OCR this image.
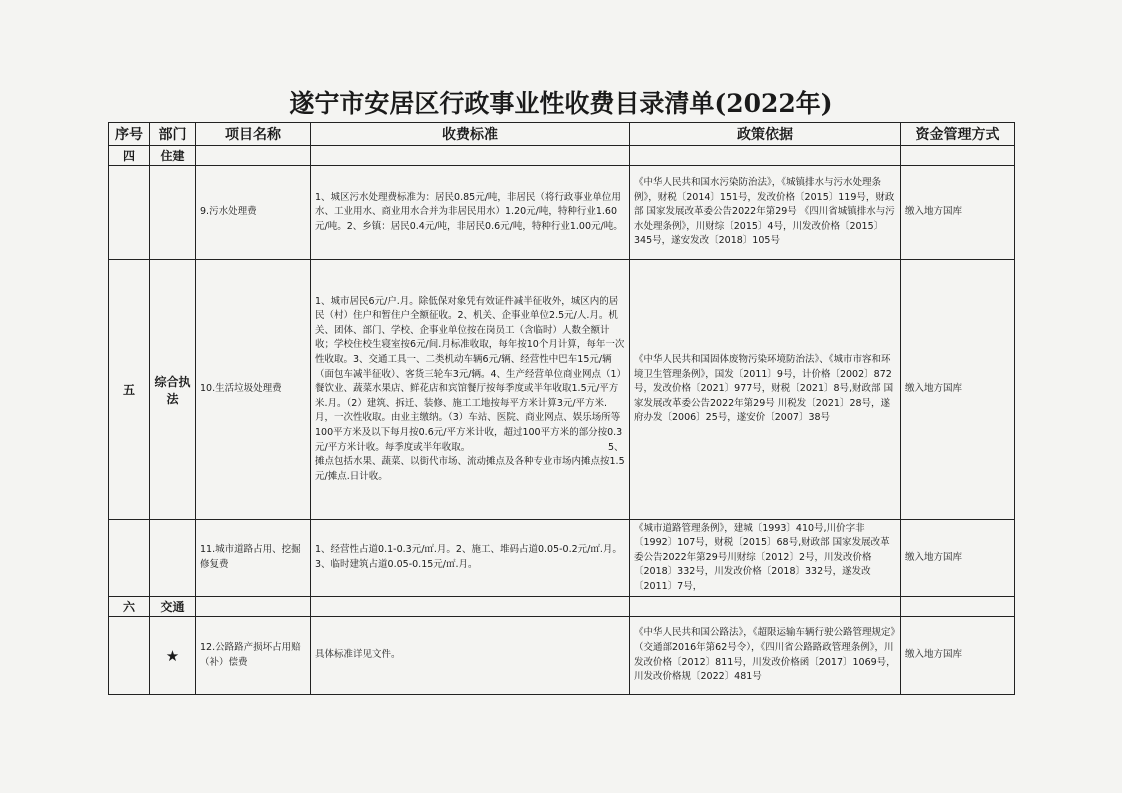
遂宁市安居区行政事业性收费目录清单(2022年)
序号	部门	项目名称	收费标准	政策依据	资金管理方式
四	住建				
		9.污水处理费	1、城区污水处理费标准为：居民0.85元/吨，非居民（将行政事业单位用水、工业用水、商业用水合并为非居民用水）1.20元/吨，特种行业1.60元/吨。2、乡镇：居民0.4元/吨，非居民0.6元/吨，特种行业1.00元/吨。	《中华人民共和国水污染防治法》，《城镇排水与污水处理条例》，财税〔2014〕151号，发改价格〔2015〕119号，财政部 国家发展改革委公告2022年第29号 《四川省城镇排水与污水处理条例》，川财综〔2015〕4号，川发改价格〔2015〕345号，遂安发改〔2018〕105号	缴入地方国库
五	综合执法	10.生活垃圾处理费	1、城市居民6元/户.月。除低保对象凭有效证件减半征收外，城区内的居民（村）住户和暂住户全额征收。2、机关、企事业单位2.5元/人.月。机关、团体、部门、学校、企事业单位按在岗员工（含临时）人数全额计收；学校住校生寝室按6元/间.月标准收取，每年按10个月计算，每年一次性收取。3、交通工具一、二类机动车辆6元/辆、经营性中巴车15元/辆（面包车减半征收）、客货三轮车3元/辆。4、生产经营单位商业网点（1）餐饮业、蔬菜水果店、鲜花店和宾馆餐厅按每季度或半年收取1.5元/平方米.月。（2）建筑、拆迁、装修、施工工地按每平方米计算3元/平方米.月，一次性收取。由业主缴纳。（3）车站、医院、商业网点、娱乐场所等100平方米及以下每月按0.6元/平方米计收，超过100平方米的部分按0.3元/平方米计收。每季度或半年收取。　　　　　　　　　　　　　　　5、摊点包括水果、蔬菜、以街代市场、流动摊点及各种专业市场内摊点按1.5元/摊点.日计收。	《中华人民共和国固体废物污染环境防治法》、《城市市容和环境卫生管理条例》，国发〔2011〕9号，计价格〔2002〕872号，发改价格〔2021〕977号，财税〔2021〕8号,财政部 国家发展改革委公告2022年第29号 川税发〔2021〕28号，遂府办发〔2006〕25号，遂安价〔2007〕38号	缴入地方国库
		11.城市道路占用、挖掘修复费	1、经营性占道0.1-0.3元/㎡.月。2、施工、堆码占道0.05-0.2元/㎡.月。3、临时建筑占道0.05-0.15元/㎡.月。	《城市道路管理条例》，建城〔1993〕410号,川价字非〔1992〕107号，财税〔2015〕68号,财政部 国家发展改革委公告2022年第29号川财综〔2012〕2号，川发改价格〔2018〕332号，川发改价格〔2018〕332号，遂发改〔2011〕7号，	缴入地方国库
六	交通				
	★	12.公路路产损坏占用赔（补）偿费	具体标准详见文件。	《中华人民共和国公路法》，《超限运输车辆行驶公路管理规定》（交通部2016年第62号令），《四川省公路路政管理条例》，川发改价格〔2012〕811号，川发改价格函〔2017〕1069号，川发改价格规〔2022〕481号	缴入地方国库
